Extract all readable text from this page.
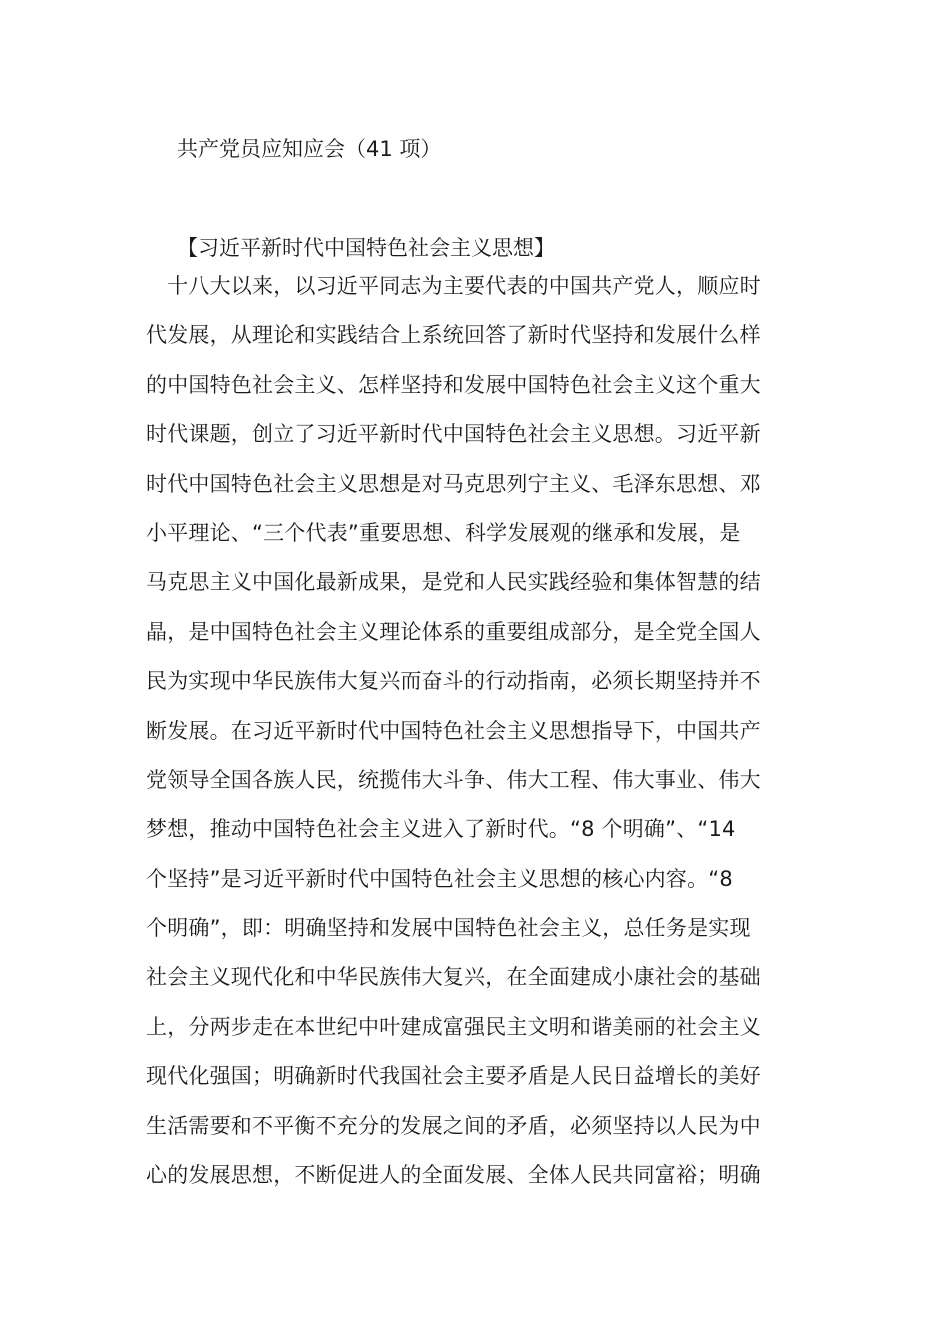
共产党员应知应会（41 项）
【习近平新时代中国特色社会主义思想】
　十八大以来，以习近平同志为主要代表的中国共产党人，顺应时
代发展，从理论和实践结合上系统回答了新时代坚持和发展什么样
的中国特色社会主义、怎样坚持和发展中国特色社会主义这个重大
时代课题，创立了习近平新时代中国特色社会主义思想。习近平新
时代中国特色社会主义思想是对马克思列宁主义、毛泽东思想、邓
小平理论、“三个代表”重要思想、科学发展观的继承和发展，是
马克思主义中国化最新成果，是党和人民实践经验和集体智慧的结
晶，是中国特色社会主义理论体系的重要组成部分，是全党全国人
民为实现中华民族伟大复兴而奋斗的行动指南，必须长期坚持并不
断发展。在习近平新时代中国特色社会主义思想指导下，中国共产
党领导全国各族人民，统揽伟大斗争、伟大工程、伟大事业、伟大
梦想，推动中国特色社会主义进入了新时代。“8 个明确”、“14
个坚持”是习近平新时代中国特色社会主义思想的核心内容。“8
个明确”，即：明确坚持和发展中国特色社会主义，总任务是实现
社会主义现代化和中华民族伟大复兴，在全面建成小康社会的基础
上，分两步走在本世纪中叶建成富强民主文明和谐美丽的社会主义
现代化强国；明确新时代我国社会主要矛盾是人民日益增长的美好
生活需要和不平衡不充分的发展之间的矛盾，必须坚持以人民为中
心的发展思想，不断促进人的全面发展、全体人民共同富裕；明确
